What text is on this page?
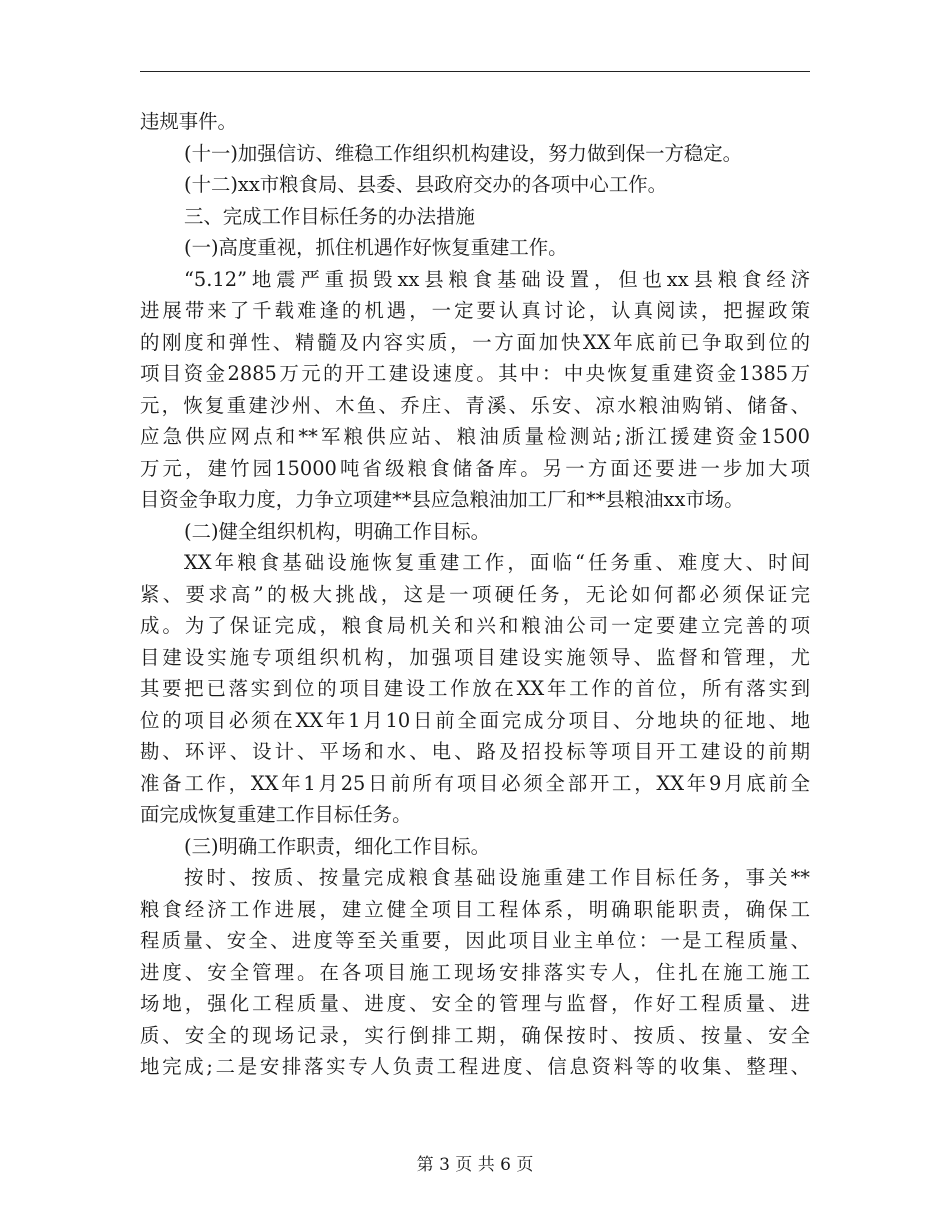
违规事件。
(十一)加强信访、维稳工作组织机构建设，努力做到保一方稳定。
(十二)xx市粮食局、县委、县政府交办的各项中心工作。
三、完成工作目标任务的办法措施
(一)高度重视，抓住机遇作好恢复重建工作。
“5.12”地震严重损毁xx县粮食基础设置，但也xx县粮食经济
进展带来了千载难逢的机遇，一定要认真讨论，认真阅读，把握政策
的刚度和弹性、精髓及内容实质，一方面加快XX年底前已争取到位的
项目资金2885万元的开工建设速度。其中：中央恢复重建资金1385万
元，恢复重建沙州、木鱼、乔庄、青溪、乐安、凉水粮油购销、储备、
应急供应网点和**军粮供应站、粮油质量检测站;浙江援建资金1500
万元，建竹园15000吨省级粮食储备库。另一方面还要进一步加大项
目资金争取力度，力争立项建**县应急粮油加工厂和**县粮油xx市场。
(二)健全组织机构，明确工作目标。
XX年粮食基础设施恢复重建工作，面临“任务重、难度大、时间
紧、要求高”的极大挑战，这是一项硬任务，无论如何都必须保证完
成。为了保证完成，粮食局机关和兴和粮油公司一定要建立完善的项
目建设实施专项组织机构，加强项目建设实施领导、监督和管理，尤
其要把已落实到位的项目建设工作放在XX年工作的首位，所有落实到
位的项目必须在XX年1月10日前全面完成分项目、分地块的征地、地
勘、环评、设计、平场和水、电、路及招投标等项目开工建设的前期
准备工作，XX年1月25日前所有项目必须全部开工，XX年9月底前全
面完成恢复重建工作目标任务。
(三)明确工作职责，细化工作目标。
按时、按质、按量完成粮食基础设施重建工作目标任务，事关**
粮食经济工作进展，建立健全项目工程体系，明确职能职责，确保工
程质量、安全、进度等至关重要，因此项目业主单位：一是工程质量、
进度、安全管理。在各项目施工现场安排落实专人，住扎在施工施工
场地，强化工程质量、进度、安全的管理与监督，作好工程质量、进
质、安全的现场记录，实行倒排工期，确保按时、按质、按量、安全
地完成;二是安排落实专人负责工程进度、信息资料等的收集、整理、
第 3 页 共 6 页
